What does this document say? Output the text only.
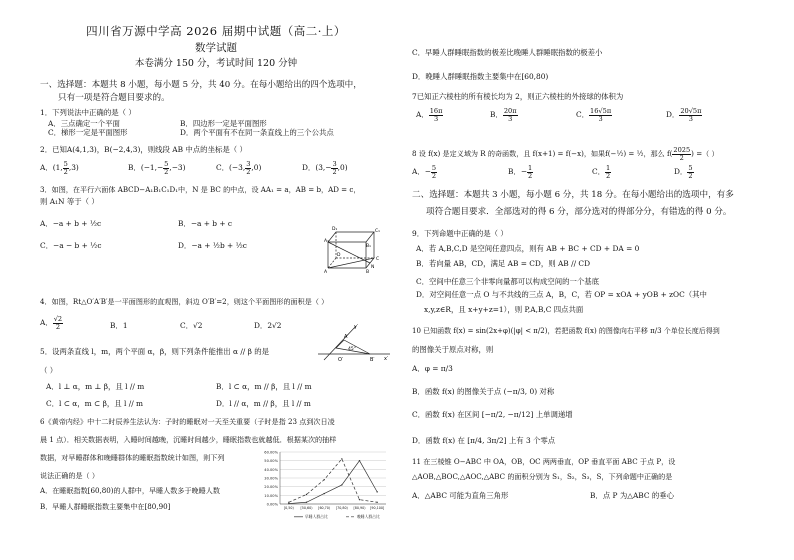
四川省万源中学高 2026 届期中试题（高二·上）
数学试题
本卷满分 150 分，考试时间 120 分钟
一、选择题：本题共 8 小题，每小题 5 分，共 40 分。在每小题给出的四个选项中，
只有一项是符合题目要求的。
1．下列说法中正确的是（ ）
A．三点确定一个平面	B．四边形一定是平面图形
C．梯形一定是平面图形	D．两个平面有不在同一条直线上的三个公共点
2．已知A(4,1,3)，B(−2,4,3)，则线段 AB 中点的坐标是（ ）
A．(1, $\frac{5}{2} ,3$)	B．$(-1,- \frac{5}{2} ,-3)$	C．(−3, $\frac{3}{2} ,0$)	D．$(3,- \frac{3}{2} ,0)$
3．如图，在平行六面体 ABCD−A₁B₁C₁D₁中，N 是 BC 的中点，设 AA₁ = a，AB = b，AD = c，
则 A₁N 等于（ ）
A．−a + b + ½c	B．−a + b + c
C．−a − b + ½c	D．−a + ½b + ½c	A₁
B₁
C₁
D₁
A	B
N
C
D
4．如图，Rt△O′A′B′是一平面图形的直观图，斜边 O′B′=2，则这个平面图形的面积是（ ）
A． $\frac{√2}{2}$	B．1	C．√2	D．2√2	y′
A′
O′
45°
B′ x′
5．设两条直线 l，m，两个平面 α，β，则下列条件能推出 α // β 的是
（ ）
A．l ⊥ α，m ⊥ β，且 l // m	B．l ⊂ α，m // β，且 l // m
C．l ⊂ α，m ⊂ β，且 l // m	D．l // α，m // β，且 l // m
6《黄帝内经》中十二时辰养生法认为：子时的睡眠对一天至关重要（子时是指 23 点到次日凌
晨 1 点）．相关数据表明，入睡时间越晚，沉睡时间越少，睡眠指数也就越低．根据某次的抽样
数据，对早睡群体和晚睡群体的睡眠指数统计如图，则下列
说法正确的是（ ）
A．在睡眠指数[60,80)的人群中，早睡人数多于晚睡人数
B．早睡人群睡眠指数主要集中在[80,90]	0.00%
10.00%
20.00%
30.00%
40.00%
50.00%
60.00%
[0,50) [50,60) [60,70) [70,80) [80,90) [90,100]
早睡人群占比	晚睡人群占比
C．早睡人群睡眠指数的极差比晚睡人群睡眠指数的极差小
D．晚睡人群睡眠指数主要集中在[60,80)
7已知正六棱柱的所有棱长均为 2，则正六棱柱的外接球的体积为
A． $\frac{16\pi}{3}$	B． $\frac{20\pi}{3}$	C． $\frac{16√5\pi}{3}$	D． $\frac{20√5\pi}{3}$
8 设 f(x) 是定义域为 R 的奇函数，且 f(x+1) = f(−x)，如果f(−½) = ½，那么 $f( \frac{2025}{2}$ ) =（ ）
A．− $\frac{5}{2}$	B．− $\frac{1}{2}$	C． $\frac{1}{2}$	D． $\frac{5}{2}$
二、选择题：本题共 3 小题，每小题 6 分，共 18 分。在每小题给出的选项中，有多
项符合题目要求．全部选对的得 6 分，部分选对的得部分分，有错选的得 0 分。
9．下列命题中正确的是（ ）
A．若 A,B,C,D 是空间任意四点，则有 AB + BC + CD + DA = 0
B．若向量 AB，CD，满足 AB = CD，则 AB // CD
C．空间中任意三个非零向量都可以构成空间的一个基底
D．对空间任意一点 O 与不共线的三点 A，B，C，若 OP = xOA + yOB + zOC（其中
x,y,z∈R，且 x+y+z=1），则 P,A,B,C 四点共面
10 已知函数 f(x) = sin(2x+φ)(|φ| < π/2)，若把函数 f(x) 的图像向右平移 π/3 个单位长度后得到
的图像关于原点对称，则
A．φ = π/3
B．函数 f(x) 的图像关于点 (−π/3, 0) 对称
C．函数 f(x) 在区间 [−π/2, −π/12] 上单调递增
D．函数 f(x) 在 [π/4, 3π/2] 上有 3 个零点
11 在三棱锥 O−ABC 中 OA，OB，OC 两两垂直，OP 垂直平面 ABC 于点 P，设
△AOB,△BOC,△AOC,△ABC 的面积分别为 S₁，S₂，S₃，S，下列命题中正确的是
A．△ABC 可能为直角三角形	B．点 P 为△ABC 的垂心
